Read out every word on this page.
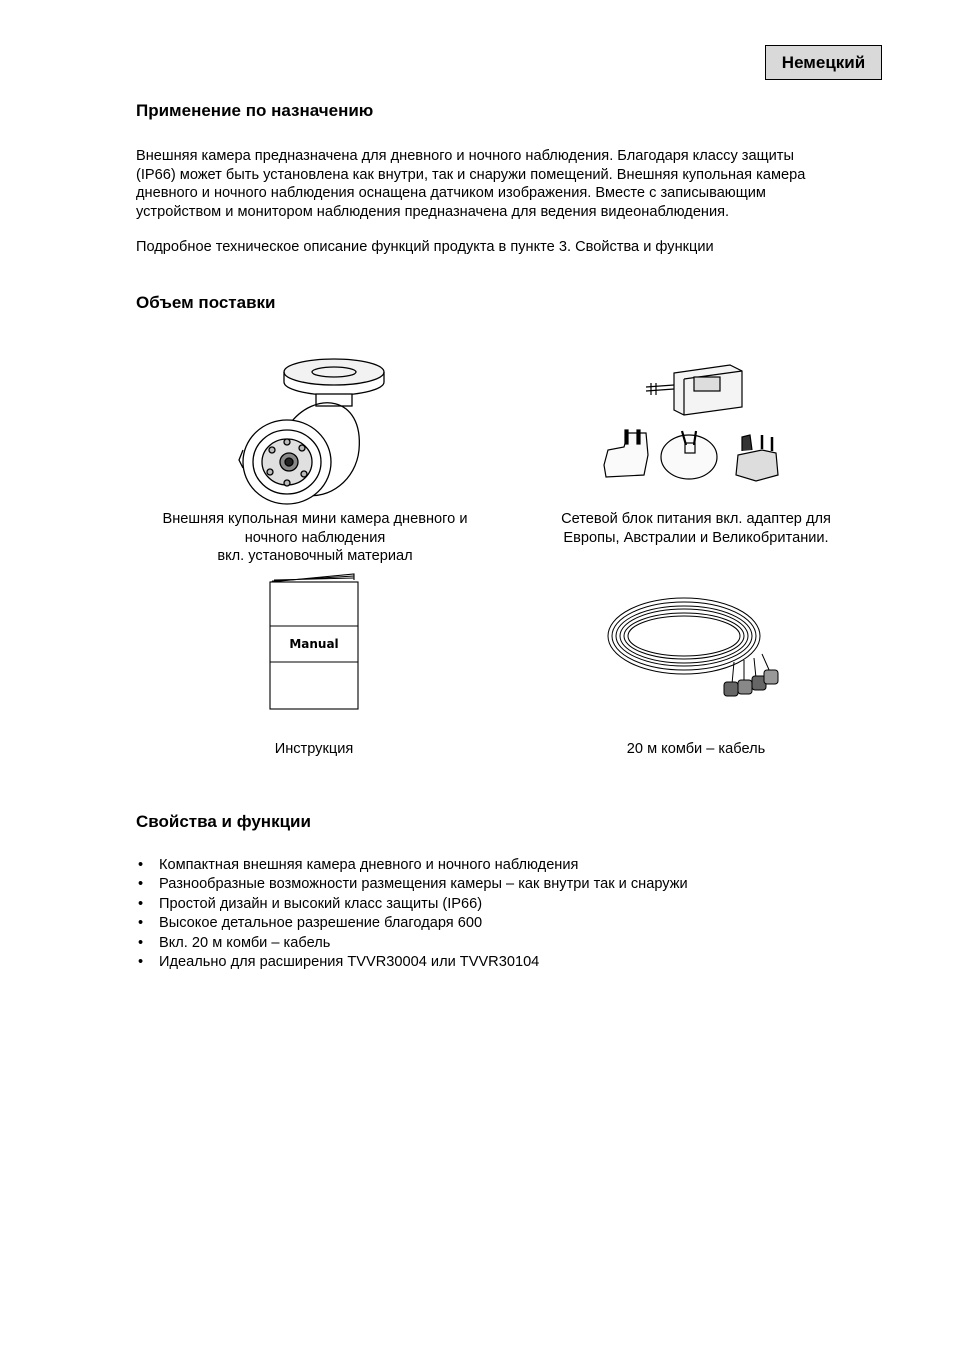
Немецкий
Применение по назначению

Внешняя камера предназначена для дневного и ночного наблюдения. Благодаря классу защиты
(IP66) может быть установлена как внутри, так и снаружи помещений. Внешняя купольная камера
дневного и ночного наблюдения оснащена датчиком изображения. Вместе с записывающим
устройством и монитором наблюдения предназначена для ведения видеонаблюдения.

Подробное техническое описание функций продукта в пункте 3. Свойства и функции

Объем поставки
Внешняя купольная мини камера дневного и
ночного наблюдения
вкл. установочный материал
Сетевой блок питания вкл. адаптер для
Европы, Австралии и Великобритании.
Manual
Инструкция	20 м комби – кабель
Свойства и функции
• Компактная внешняя камера дневного и ночного наблюдения
• Разнообразные возможности размещения камеры – как внутри так и снаружи
• Простой дизайн и высокий класс защиты (IP66)
• Высокое детальное разрешение благодаря 600
• Вкл. 20 м комби – кабель
• Идеально для расширения TVVR30004 или TVVR30104
